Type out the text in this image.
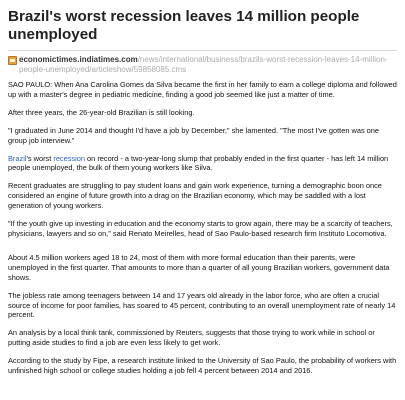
Brazil's worst recession leaves 14 million people unemployed
economictimes.indiatimes.com/news/international/business/brazils-worst-recession-leaves-14-million-people-unemployed/articleshow/59858085.cms

SAO PAULO: When Ana Carolina Gomes da Silva became the first in her family to earn a college diploma and followed up with a master's degree in pediatric medicine, finding a good job seemed like just a matter of time.

After three years, the 26-year-old Brazilian is still looking.

"I graduated in June 2014 and thought I'd have a job by December," she lamented. "The most I've gotten was one group job interview."

Brazil's worst recession on record - a two-year-long slump that probably ended in the first quarter - has left 14 million people unemployed, the bulk of them young workers like Silva.

Recent graduates are struggling to pay student loans and gain work experience, turning a demographic boon once considered an engine of future growth into a drag on the Brazilian economy, which may be saddled with a lost generation of young workers.

"If the youth give up investing in education and the economy starts to grow again, there may be a scarcity of teachers, physicians, lawyers and so on," said Renato Meirelles, head of Sao Paulo-based research firm Instituto Locomotiva.

About 4.5 million workers aged 18 to 24, most of them with more formal education than their parents, were unemployed in the first quarter. That amounts to more than a quarter of all young Brazilian workers, government data shows.

The jobless rate among teenagers between 14 and 17 years old already in the labor force, who are often a crucial source of income for poor families, has soared to 45 percent, contributing to an overall unemployment rate of nearly 14 percent.

An analysis by a local think tank, commissioned by Reuters, suggests that those trying to work while in school or putting aside studies to find a job are even less likely to get work.

According to the study by Fipe, a research institute linked to the University of Sao Paulo, the probability of workers with unfinished high school or college studies holding a job fell 4 percent between 2014 and 2016.
